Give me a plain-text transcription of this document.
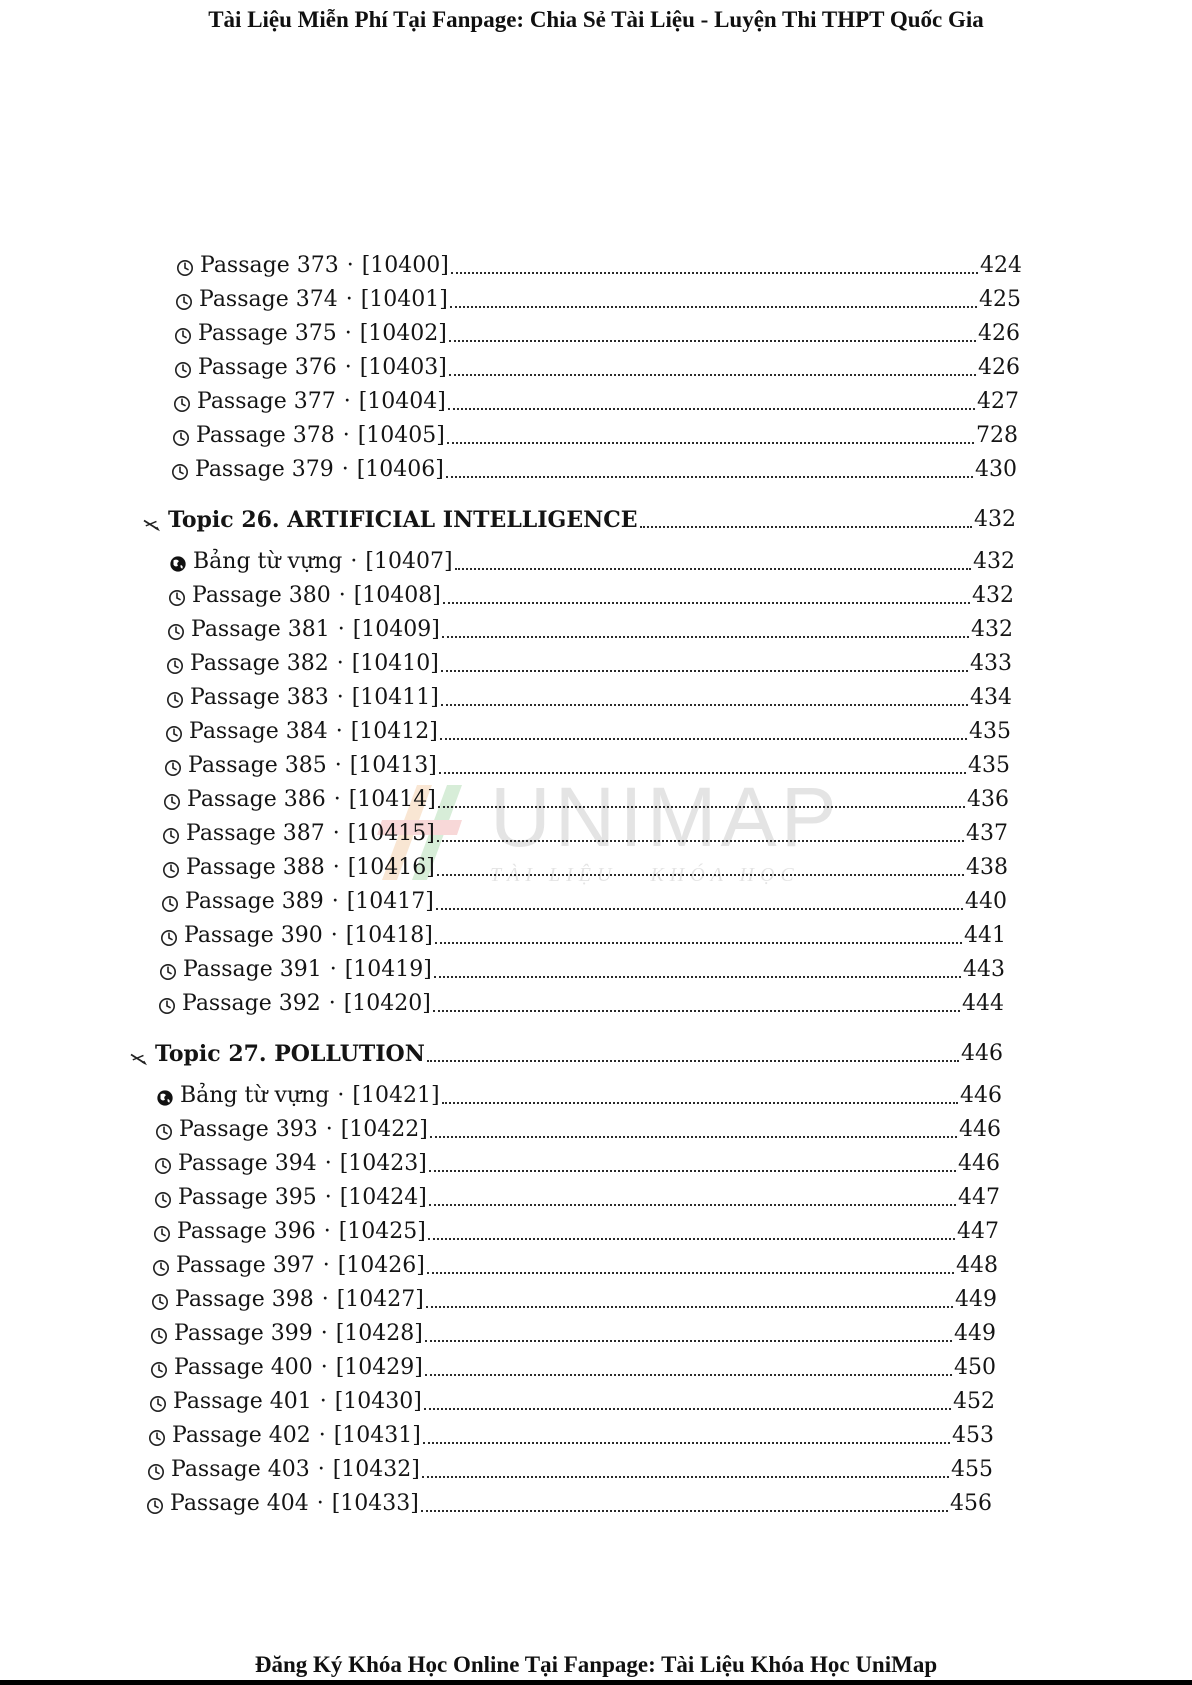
Tài Liệu Miễn Phí Tại Fanpage: Chia Sẻ Tài Liệu - Luyện Thi THPT Quốc Gia
UNIMAP
TÀI LIỆU · KHÓA HỌC
Passage 373 · [10400]	424
Passage 374 · [10401]	425
Passage 375 · [10402]	426
Passage 376 · [10403]	426
Passage 377 · [10404]	427
Passage 378 · [10405]	728
Passage 379 · [10406]	430
Topic 26. ARTIFICIAL INTELLIGENCE	432
Bảng từ vựng · [10407]	432
Passage 380 · [10408]	432
Passage 381 · [10409]	432
Passage 382 · [10410]	433
Passage 383 · [10411]	434
Passage 384 · [10412]	435
Passage 385 · [10413]	435
Passage 386 · [10414]	436
Passage 387 · [10415]	437
Passage 388 · [10416]	438
Passage 389 · [10417]	440
Passage 390 · [10418]	441
Passage 391 · [10419]	443
Passage 392 · [10420]	444
Topic 27. POLLUTION	446
Bảng từ vựng · [10421]	446
Passage 393 · [10422]	446
Passage 394 · [10423]	446
Passage 395 · [10424]	447
Passage 396 · [10425]	447
Passage 397 · [10426]	448
Passage 398 · [10427]	449
Passage 399 · [10428]	449
Passage 400 · [10429]	450
Passage 401 · [10430]	452
Passage 402 · [10431]	453
Passage 403 · [10432]	455
Passage 404 · [10433]	456
Đăng Ký Khóa Học Online Tại Fanpage: Tài Liệu Khóa Học UniMap
